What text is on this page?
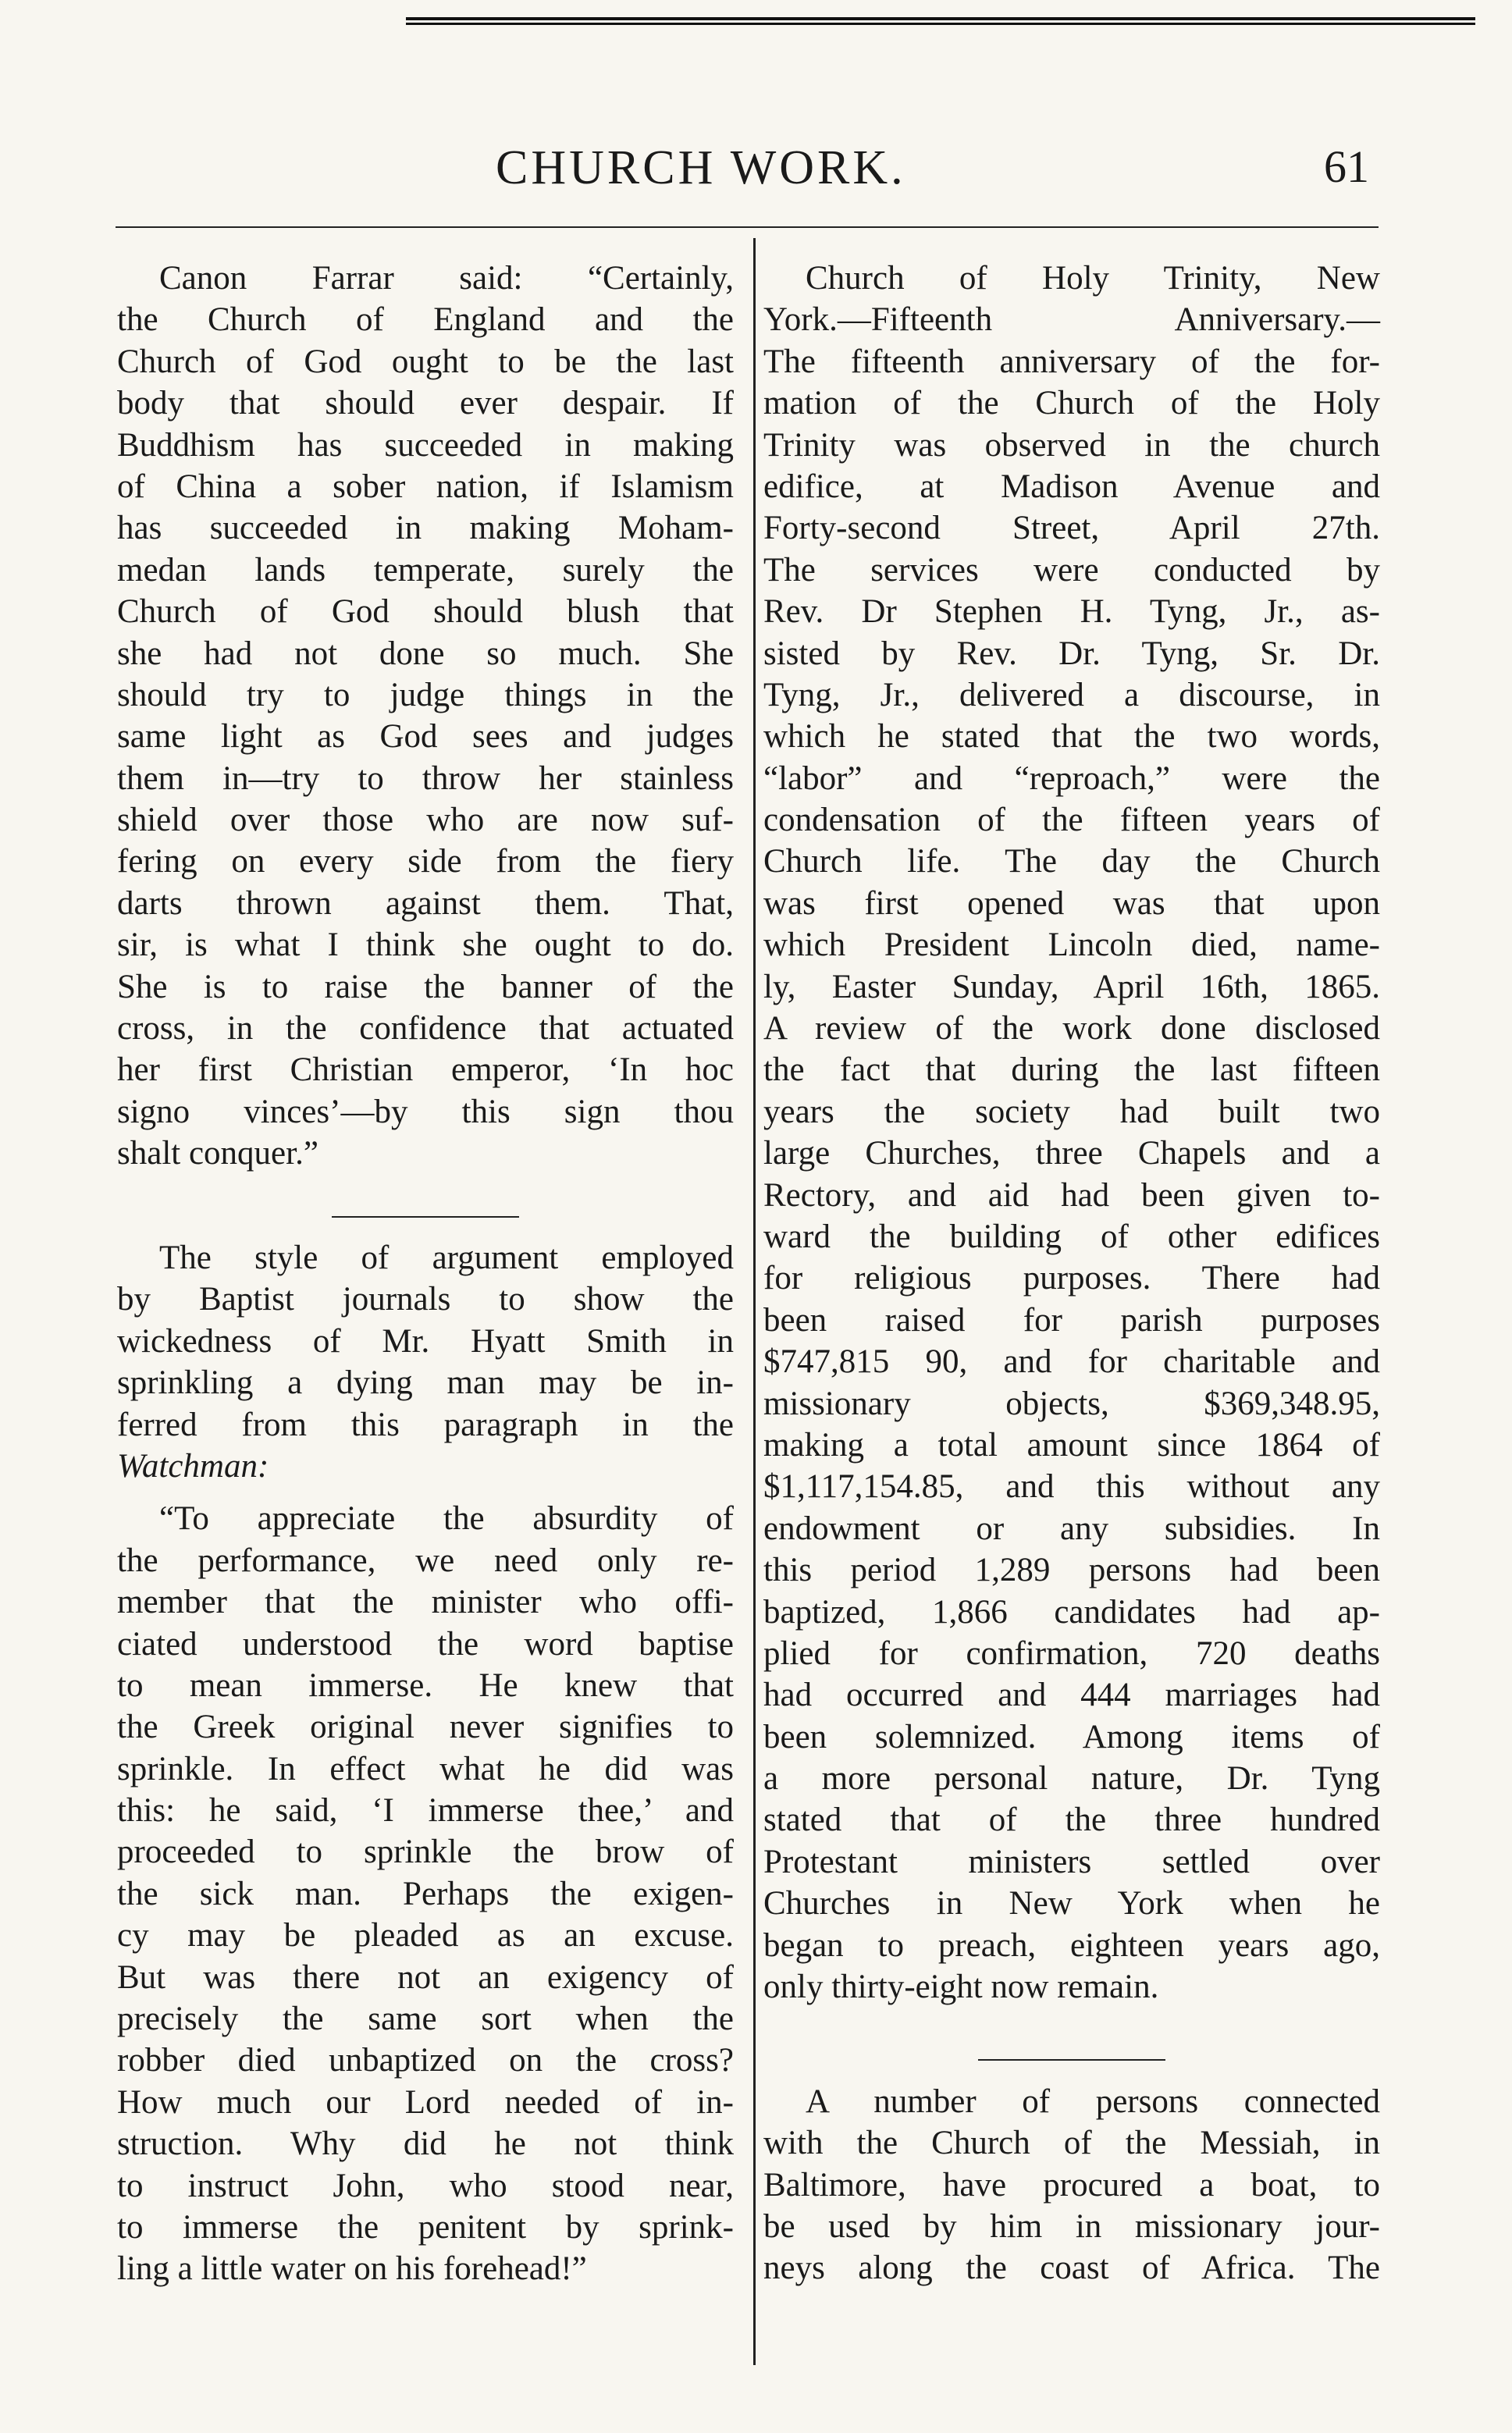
CHURCH WORK.	61
Canon Farrar said: “Certainly,
the Church of England and the
Church of God ought to be the last
body that should ever despair. If
Buddhism has succeeded in making
of China a sober nation, if Islamism
has succeeded in making Moham-
medan lands temperate, surely the
Church of God should blush that
she had not done so much. She
should try to judge things in the
same light as God sees and judges
them in—try to throw her stainless
shield over those who are now suf-
fering on every side from the fiery
darts thrown against them. That,
sir, is what I think she ought to do.
She is to raise the banner of the
cross, in the confidence that actuated
her first Christian emperor, ‘In hoc
signo vinces’—by this sign thou
shalt conquer.”
The style of argument employed
by Baptist journals to show the
wickedness of Mr. Hyatt Smith in
sprinkling a dying man may be in-
ferred from this paragraph in the
Watchman:
“To appreciate the absurdity of
the performance, we need only re-
member that the minister who offi-
ciated understood the word baptise
to mean immerse. He knew that
the Greek original never signifies to
sprinkle. In effect what he did was
this: he said, ‘I immerse thee,’ and
proceeded to sprinkle the brow of
the sick man. Perhaps the exigen-
cy may be pleaded as an excuse.
But was there not an exigency of
precisely the same sort when the
robber died unbaptized on the cross?
How much our Lord needed of in-
struction. Why did he not think
to instruct John, who stood near,
to immerse the penitent by sprink-
ling a little water on his forehead!”
Church of Holy Trinity, New
York.—Fifteenth Anniversary.—
The fifteenth anniversary of the for-
mation of the Church of the Holy
Trinity was observed in the church
edifice, at Madison Avenue and
Forty-second Street, April 27th.
The services were conducted by
Rev. Dr Stephen H. Tyng, Jr., as-
sisted by Rev. Dr. Tyng, Sr. Dr.
Tyng, Jr., delivered a discourse, in
which he stated that the two words,
“labor” and “reproach,” were the
condensation of the fifteen years of
Church life. The day the Church
was first opened was that upon
which President Lincoln died, name-
ly, Easter Sunday, April 16th, 1865.
A review of the work done disclosed
the fact that during the last fifteen
years the society had built two
large Churches, three Chapels and a
Rectory, and aid had been given to-
ward the building of other edifices
for religious purposes. There had
been raised for parish purposes
$747,815 90, and for charitable and
missionary objects, $369,348.95,
making a total amount since 1864 of
$1,117,154.85, and this without any
endowment or any subsidies. In
this period 1,289 persons had been
baptized, 1,866 candidates had ap-
plied for confirmation, 720 deaths
had occurred and 444 marriages had
been solemnized. Among items of
a more personal nature, Dr. Tyng
stated that of the three hundred
Protestant ministers settled over
Churches in New York when he
began to preach, eighteen years ago,
only thirty-eight now remain.
A number of persons connected
with the Church of the Messiah, in
Baltimore, have procured a boat, to
be used by him in missionary jour-
neys along the coast of Africa. The
